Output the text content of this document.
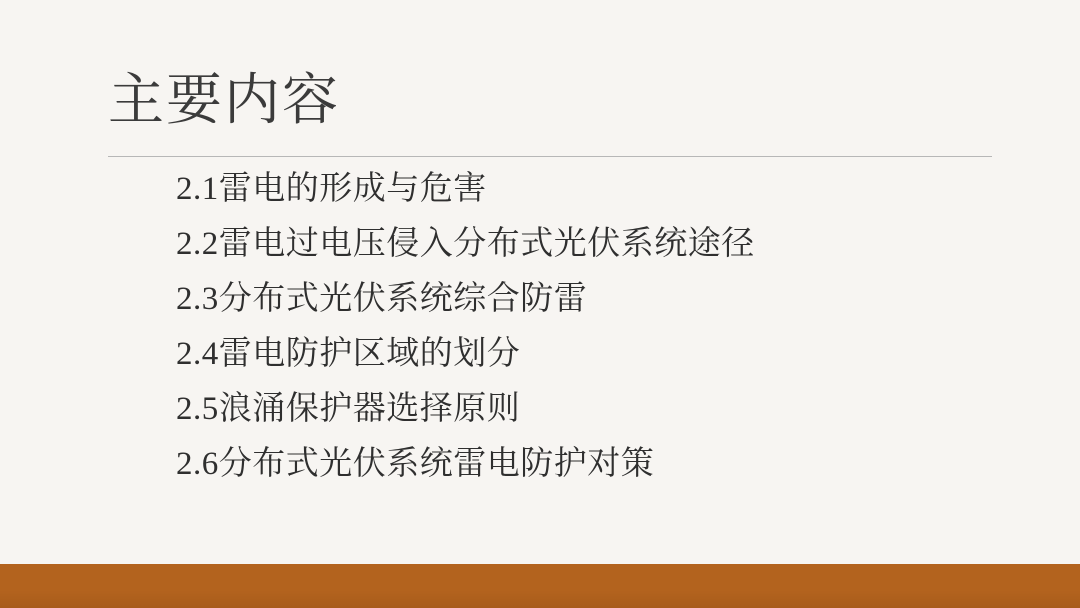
主要内容
2.1雷电的形成与危害
2.2雷电过电压侵入分布式光伏系统途径
2.3分布式光伏系统综合防雷
2.4雷电防护区域的划分
2.5浪涌保护器选择原则
2.6分布式光伏系统雷电防护对策
